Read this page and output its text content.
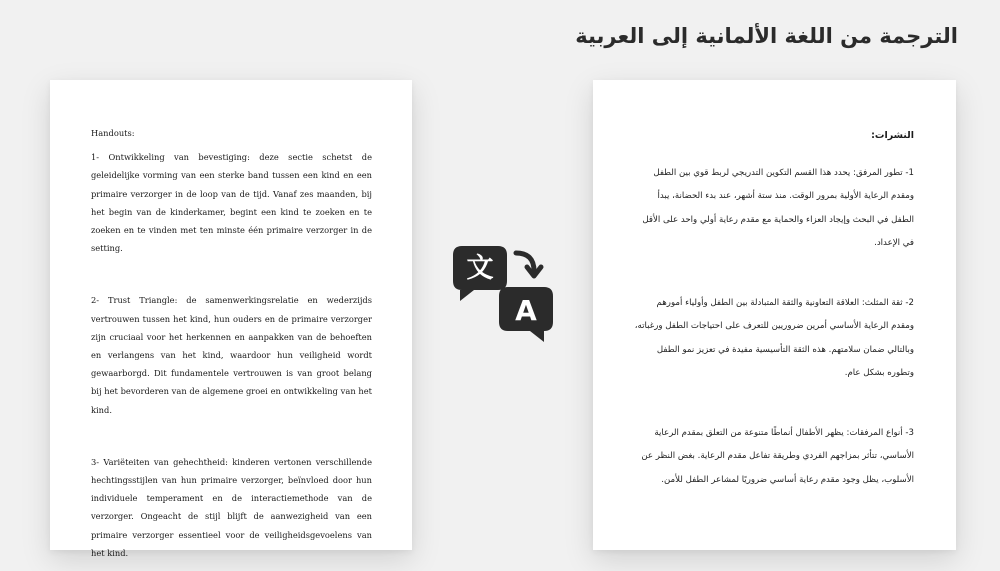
الترجمة من اللغة الألمانية إلى العربية

Handouts:

1- Ontwikkeling van bevestiging: deze sectie schetst de geleidelijke vorming van een sterke band tussen een kind en een primaire verzorger in de loop van de tijd. Vanaf zes maanden, bij het begin van de kinderkamer, begint een kind te zoeken en te zoeken en te vinden met ten minste één primaire verzorger in de setting.

2- Trust Triangle: de samenwerkingsrelatie en wederzijds vertrouwen tussen het kind, hun ouders en de primaire verzorger zijn cruciaal voor het herkennen en aanpakken van de behoeften en verlangens van het kind, waardoor hun veiligheid wordt gewaarborgd. Dit fundamentele vertrouwen is van groot belang bij het bevorderen van de algemene groei en ontwikkeling van het kind.

3- Variëteiten van gehechtheid: kinderen vertonen verschillende hechtingsstijlen van hun primaire verzorger, beïnvloed door hun individuele temperament en de interactiemethode van de verzorger. Ongeacht de stijl blijft de aanwezigheid van een primaire verzorger essentieel voor de veiligheidsgevoelens van het kind.

文
A

النشرات:

1- تطور المرفق: يحدد هذا القسم التكوين التدريجي لربط قوي بين الطفل ومقدم الرعاية الأولية بمرور الوقت. منذ ستة أشهر، عند بدء الحضانة، يبدأ الطفل في البحث وإيجاد العزاء والحماية مع مقدم رعاية أولي واحد على الأقل في الإعداد.

2- ثقة المثلث: العلاقة التعاونية والثقة المتبادلة بين الطفل وأولياء أمورهم ومقدم الرعاية الأساسي أمرين ضروريين للتعرف على احتياجات الطفل ورغباته، وبالتالي ضمان سلامتهم. هذه الثقة التأسيسية مفيدة في تعزيز نمو الطفل وتطوره بشكل عام.

3- أنواع المرفقات: يظهر الأطفال أنماطًا متنوعة من التعلق بمقدم الرعاية الأساسي، تتأثر بمزاجهم الفردي وطريقة تفاعل مقدم الرعاية. بغض النظر عن الأسلوب، يظل وجود مقدم رعاية أساسي ضروريًا لمشاعر الطفل للأمن.
